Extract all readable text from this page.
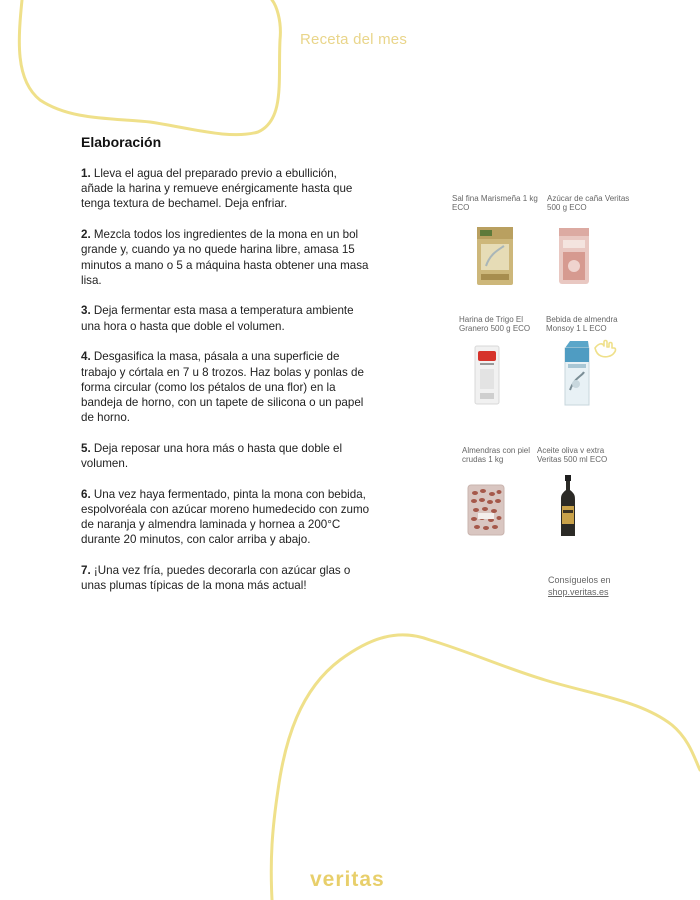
Receta del mes
Elaboración

1. Lleva el agua del preparado previo a ebullición, añade la harina y remueve enérgicamente hasta que tenga textura de bechamel. Deja enfriar.

2. Mezcla todos los ingredientes de la mona en un bol grande y, cuando ya no quede harina libre, amasa 15 minutos a mano o 5 a máquina hasta obtener una masa lisa.

3. Deja fermentar esta masa a temperatura ambiente una hora o hasta que doble el volumen.

4. Desgasifica la masa, pásala a una superficie de trabajo y córtala en 7 u 8 trozos. Haz bolas y ponlas de forma circular (como los pétalos de una flor) en la bandeja de horno, con un tapete de silicona o un papel de horno.

5. Deja reposar una hora más o hasta que doble el volumen.

6. Una vez haya fermentado, pinta la mona con bebida, espolvoréala con azúcar moreno humedecido con zumo de naranja y almendra laminada y hornea a 200°C durante 20 minutos, con calor arriba y abajo.

7. ¡Una vez fría, puedes decorarla con azúcar glas o unas plumas típicas de la mona más actual!

Sal fina Marismeña 1 kg ECO
Azúcar de caña Veritas 500 g ECO
Harina de Trigo El Granero 500 g ECO
Bebida de almendra Monsoy 1 L ECO
Almendras con piel crudas 1 kg
Aceite oliva v extra Veritas 500 ml ECO
Consíguelos en
shop.veritas.es
veritas
